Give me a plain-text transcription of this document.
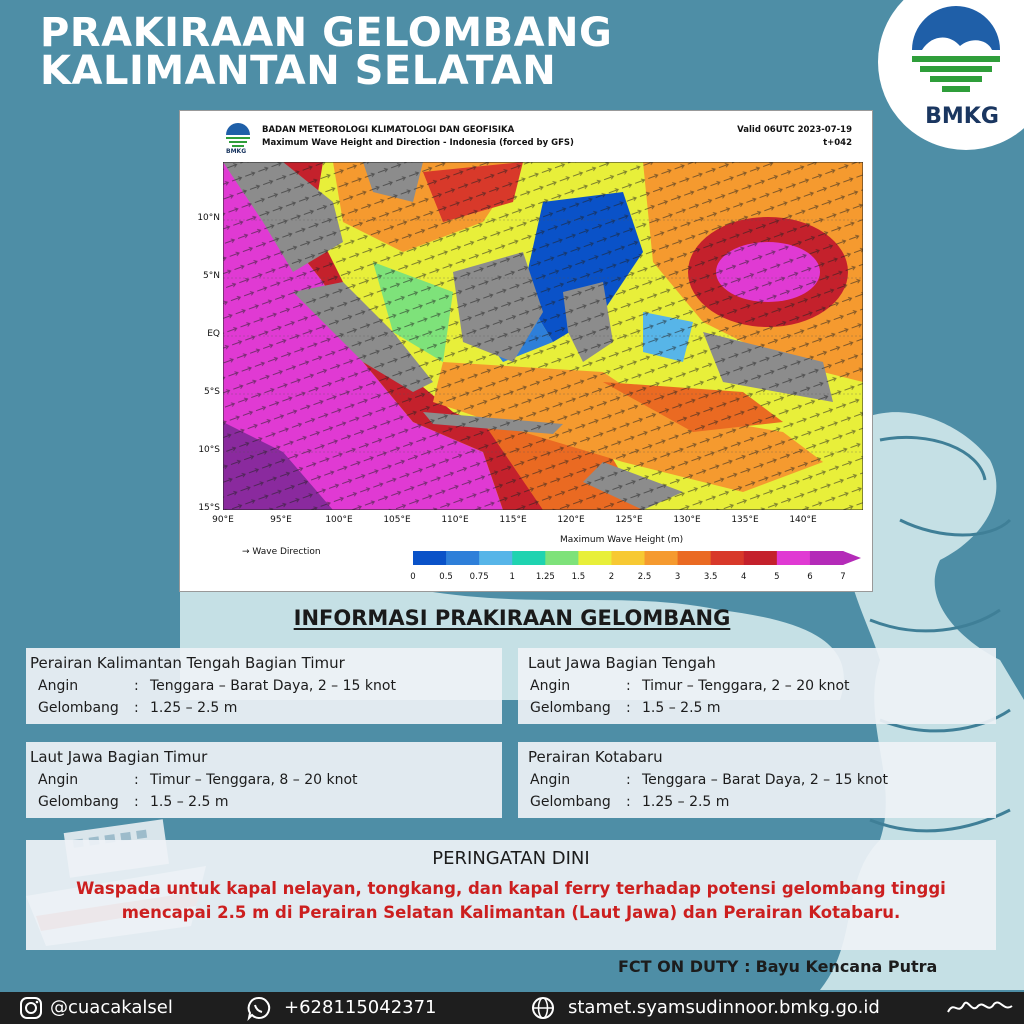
PRAKIRAAN GELOMBANG
KALIMANTAN SELATAN
BMKG
BMKG
BADAN METEOROLOGI KLIMATOLOGI DAN GEOFISIKA
Maximum Wave Height and Direction - Indonesia (forced by GFS)
Valid 06UTC 2023-07-19
t+042
10°N
5°N
EQ
5°S
10°S
15°S
90°E	95°E	100°E	105°E	110°E	115°E	120°E	125°E	130°E	135°E	140°E
→ Wave Direction
Maximum Wave Height (m)
0	0.5	0.75	1	1.25	1.5	2	2.5	3	3.5	4	5	6	7
INFORMASI PRAKIRAAN GELOMBANG
Perairan Kalimantan Tengah Bagian Timur
Angin	: Tenggara – Barat Daya, 2 – 15 knot
Gelombang : 1.25 – 2.5 m
Laut Jawa Bagian Tengah
Angin	: Timur – Tenggara, 2 – 20 knot
Gelombang : 1.5 – 2.5 m
Laut Jawa Bagian Timur
Angin	: Timur – Tenggara, 8 – 20 knot
Gelombang : 1.5 – 2.5 m
Perairan Kotabaru
Angin	: Tenggara – Barat Daya, 2 – 15 knot
Gelombang : 1.25 – 2.5 m
PERINGATAN DINI
Waspada untuk kapal nelayan, tongkang, dan kapal ferry terhadap potensi gelombang tinggi
mencapai 2.5 m di Perairan Selatan Kalimantan (Laut Jawa) dan Perairan Kotabaru.
FCT ON DUTY : Bayu Kencana Putra
@cuacakalsel	+628115042371	stamet.syamsudinnoor.bmkg.go.id
